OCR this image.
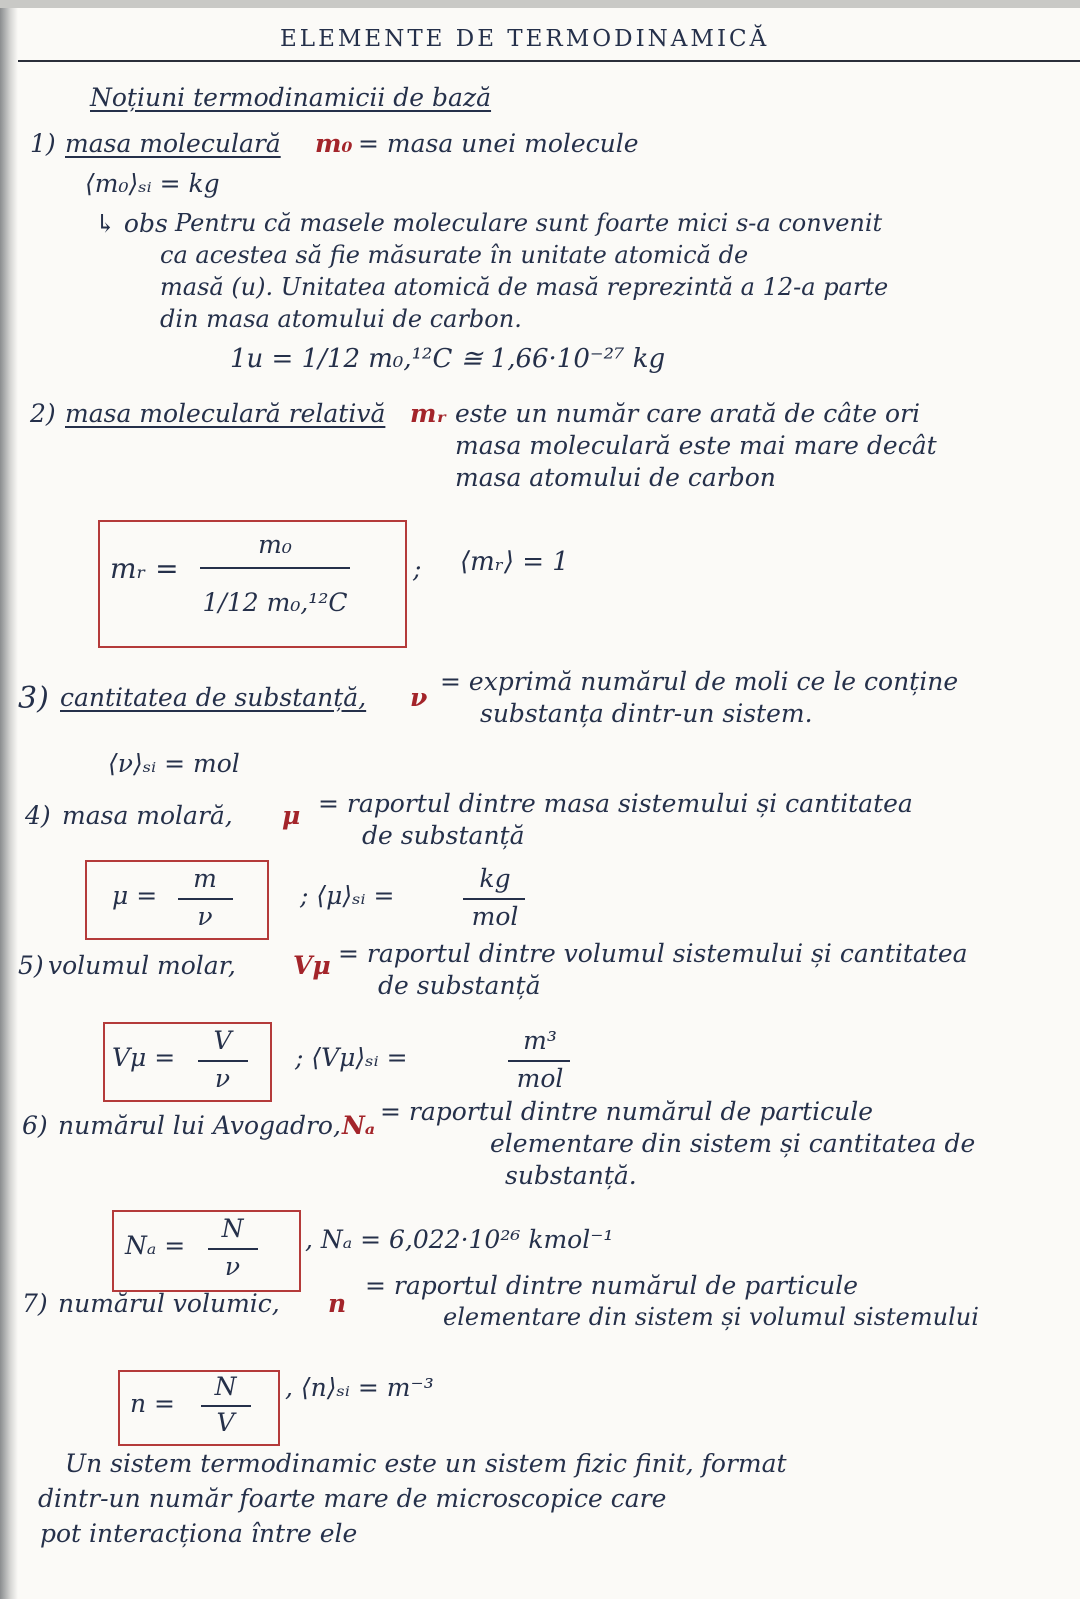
ELEMENTE DE TERMODINAMICĂ
Noțiuni termodinamicii de bază
1) masa moleculară m₀ = masa unei molecule
⟨m₀⟩ₛᵢ = kg
↳ obs Pentru că masele moleculare sunt foarte mici s-a convenit
ca acestea să fie măsurate în unitate atomică de
masă (u). Unitatea atomică de masă reprezintă a 12-a parte
din masa atomului de carbon.
1u = 1/12 m₀,¹²C ≅ 1,66·10⁻²⁷ kg
2) masa moleculară relativă mᵣ este un număr care arată de câte ori
masa moleculară este mai mare decât
masa atomului de carbon
mᵣ =
m₀
1/12 m₀,¹²C
; ⟨mᵣ⟩ = 1
3) cantitatea de substanță, ν
= exprimă numărul de moli ce le conține
substanța dintr-un sistem.
⟨ν⟩ₛᵢ = mol
4) masa molară, μ = raportul dintre masa sistemului și cantitatea
de substanță
μ =
m
ν
; ⟨μ⟩ₛᵢ =
kg
mol
5) volumul molar, Vμ = raportul dintre volumul sistemului și cantitatea
de substanță
Vμ =
V
ν
; ⟨Vμ⟩ₛᵢ =
m³
mol
6) numărul lui Avogadro, Nₐ = raportul dintre numărul de particule
elementare din sistem și cantitatea de
substanță.
Nₐ =
N
ν
, Nₐ = 6,022·10²⁶ kmol⁻¹
7) numărul volumic, n
= raportul dintre numărul de particule
elementare din sistem și volumul sistemului
n =
N
V
, ⟨n⟩ₛᵢ = m⁻³
Un sistem termodinamic este un sistem fizic finit, format
dintr-un număr foarte mare de microscopice care
pot interacționa între ele
